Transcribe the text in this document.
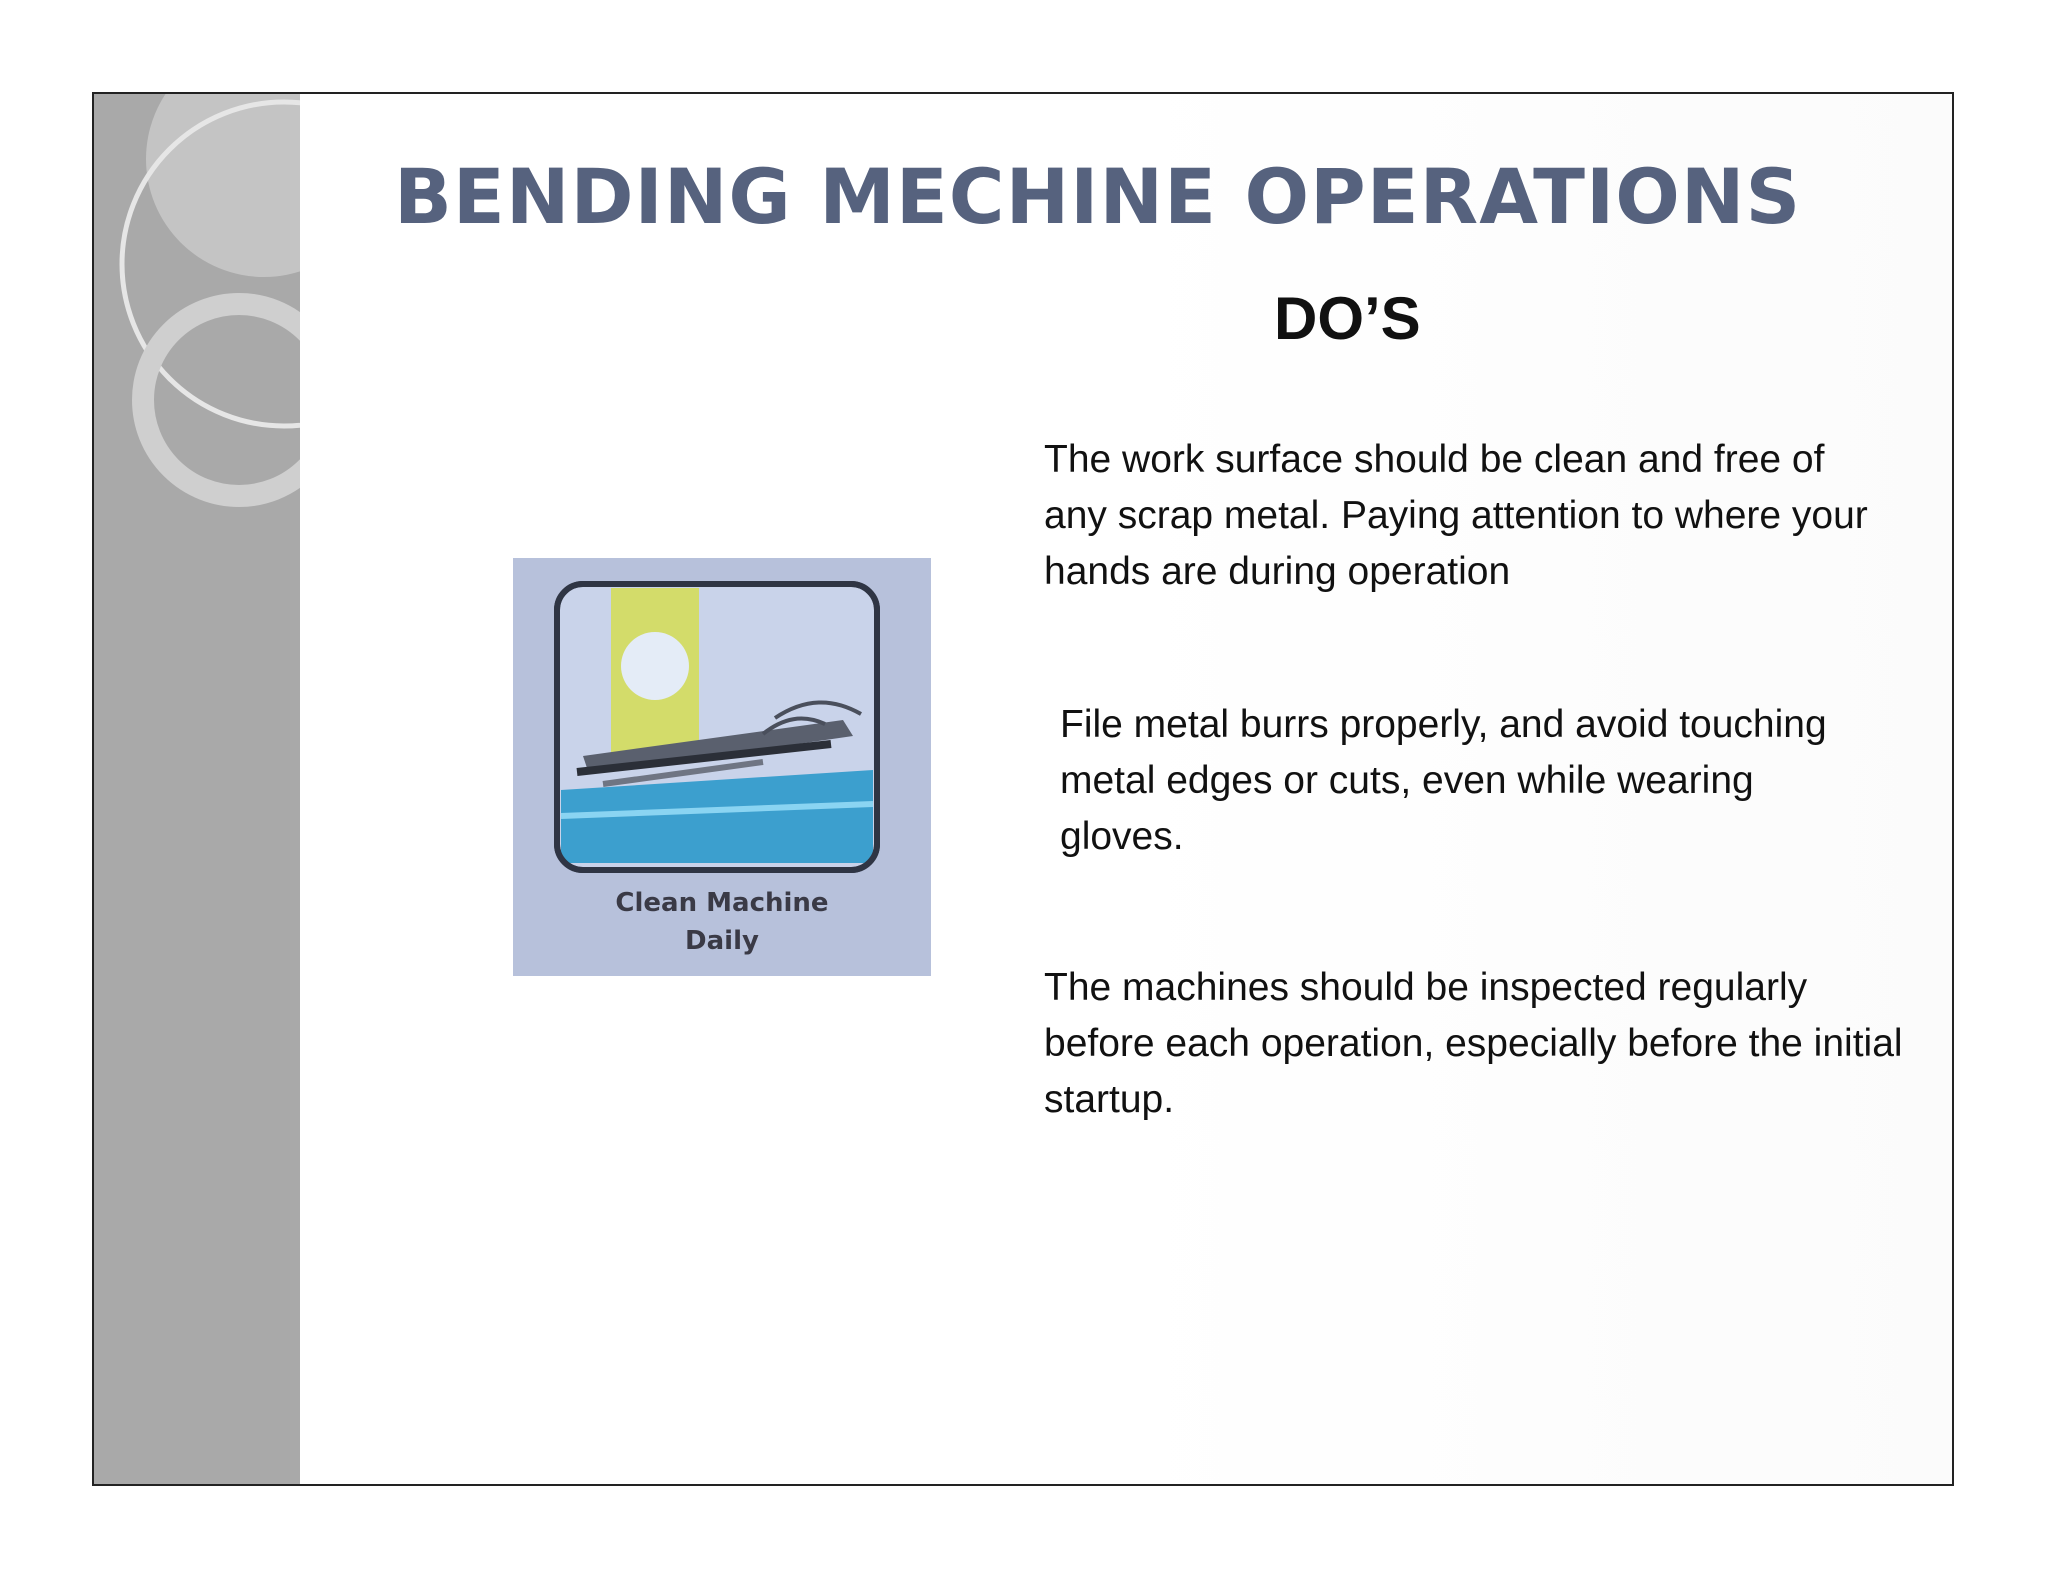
BENDING MECHINE OPERATIONS
DO’S

The work surface should be clean and free of any scrap metal. Paying attention to where your hands are during operation

File metal burrs properly, and avoid touching metal edges or cuts, even while wearing gloves.

The machines should be inspected regularly before each operation, especially before the initial startup.

Clean Machine
Daily
